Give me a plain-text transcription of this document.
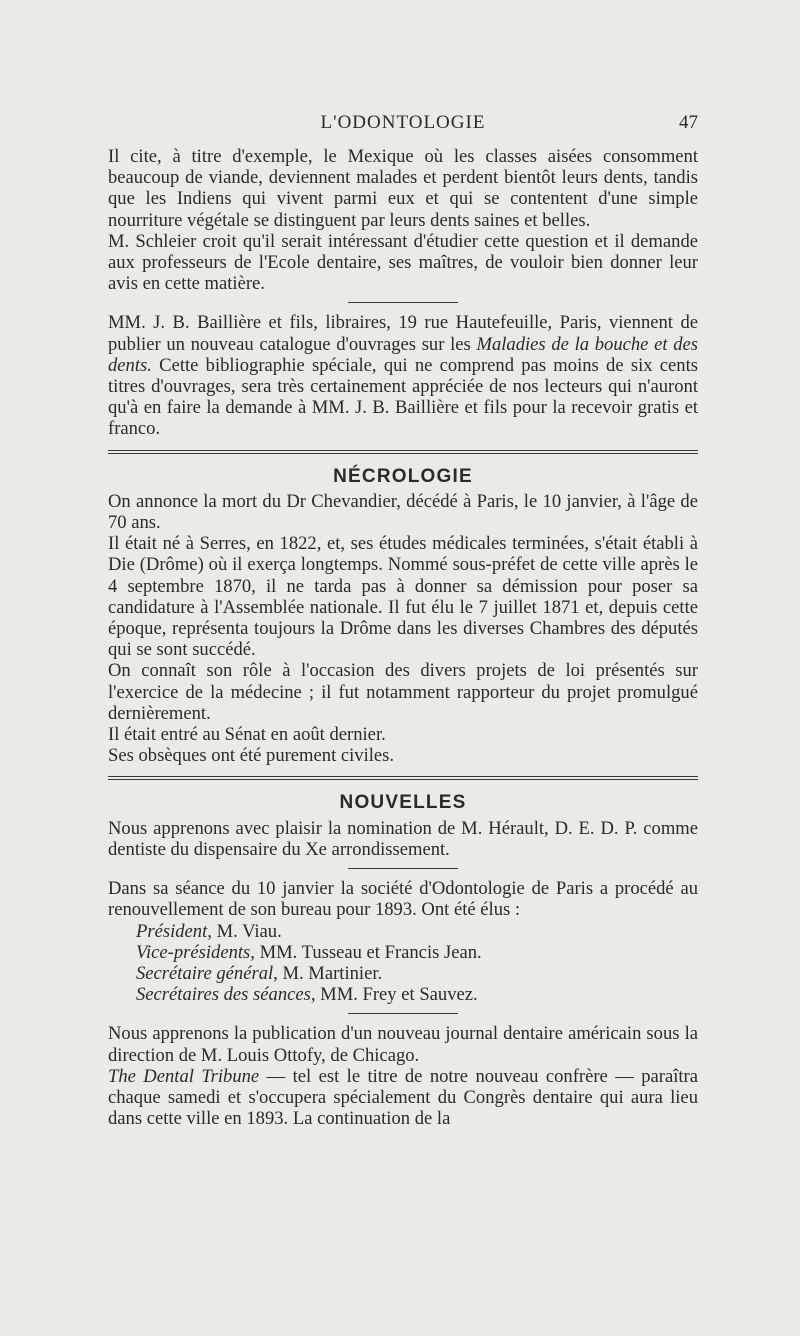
L'ODONTOLOGIE	47

Il cite, à titre d'exemple, le Mexique où les classes aisées consomment beaucoup de viande, deviennent malades et perdent bientôt leurs dents, tandis que les Indiens qui vivent parmi eux et qui se contentent d'une simple nourriture végétale se distinguent par leurs dents saines et belles.

M. Schleier croit qu'il serait intéressant d'étudier cette question et il demande aux professeurs de l'Ecole dentaire, ses maîtres, de vouloir bien donner leur avis en cette matière.

MM. J. B. Baillière et fils, libraires, 19 rue Hautefeuille, Paris, viennent de publier un nouveau catalogue d'ouvrages sur les Maladies de la bouche et des dents. Cette bibliographie spéciale, qui ne comprend pas moins de six cents titres d'ouvrages, sera très certainement appréciée de nos lecteurs qui n'auront qu'à en faire la demande à MM. J. B. Baillière et fils pour la recevoir gratis et franco.

NÉCROLOGIE

On annonce la mort du Dr Chevandier, décédé à Paris, le 10 janvier, à l'âge de 70 ans.

Il était né à Serres, en 1822, et, ses études médicales terminées, s'était établi à Die (Drôme) où il exerça longtemps. Nommé sous-préfet de cette ville après le 4 septembre 1870, il ne tarda pas à donner sa démission pour poser sa candidature à l'Assemblée nationale. Il fut élu le 7 juillet 1871 et, depuis cette époque, représenta toujours la Drôme dans les diverses Chambres des députés qui se sont succédé.

On connaît son rôle à l'occasion des divers projets de loi présentés sur l'exercice de la médecine ; il fut notamment rapporteur du projet promulgué dernièrement.

Il était entré au Sénat en août dernier.

Ses obsèques ont été purement civiles.

NOUVELLES

Nous apprenons avec plaisir la nomination de M. Hérault, D. E. D. P. comme dentiste du dispensaire du Xe arrondissement.

Dans sa séance du 10 janvier la société d'Odontologie de Paris a procédé au renouvellement de son bureau pour 1893. Ont été élus :

Président, M. Viau.

Vice-présidents, MM. Tusseau et Francis Jean.

Secrétaire général, M. Martinier.

Secrétaires des séances, MM. Frey et Sauvez.

Nous apprenons la publication d'un nouveau journal dentaire américain sous la direction de M. Louis Ottofy, de Chicago.

The Dental Tribune — tel est le titre de notre nouveau confrère — paraîtra chaque samedi et s'occupera spécialement du Congrès dentaire qui aura lieu dans cette ville en 1893. La continuation de la
